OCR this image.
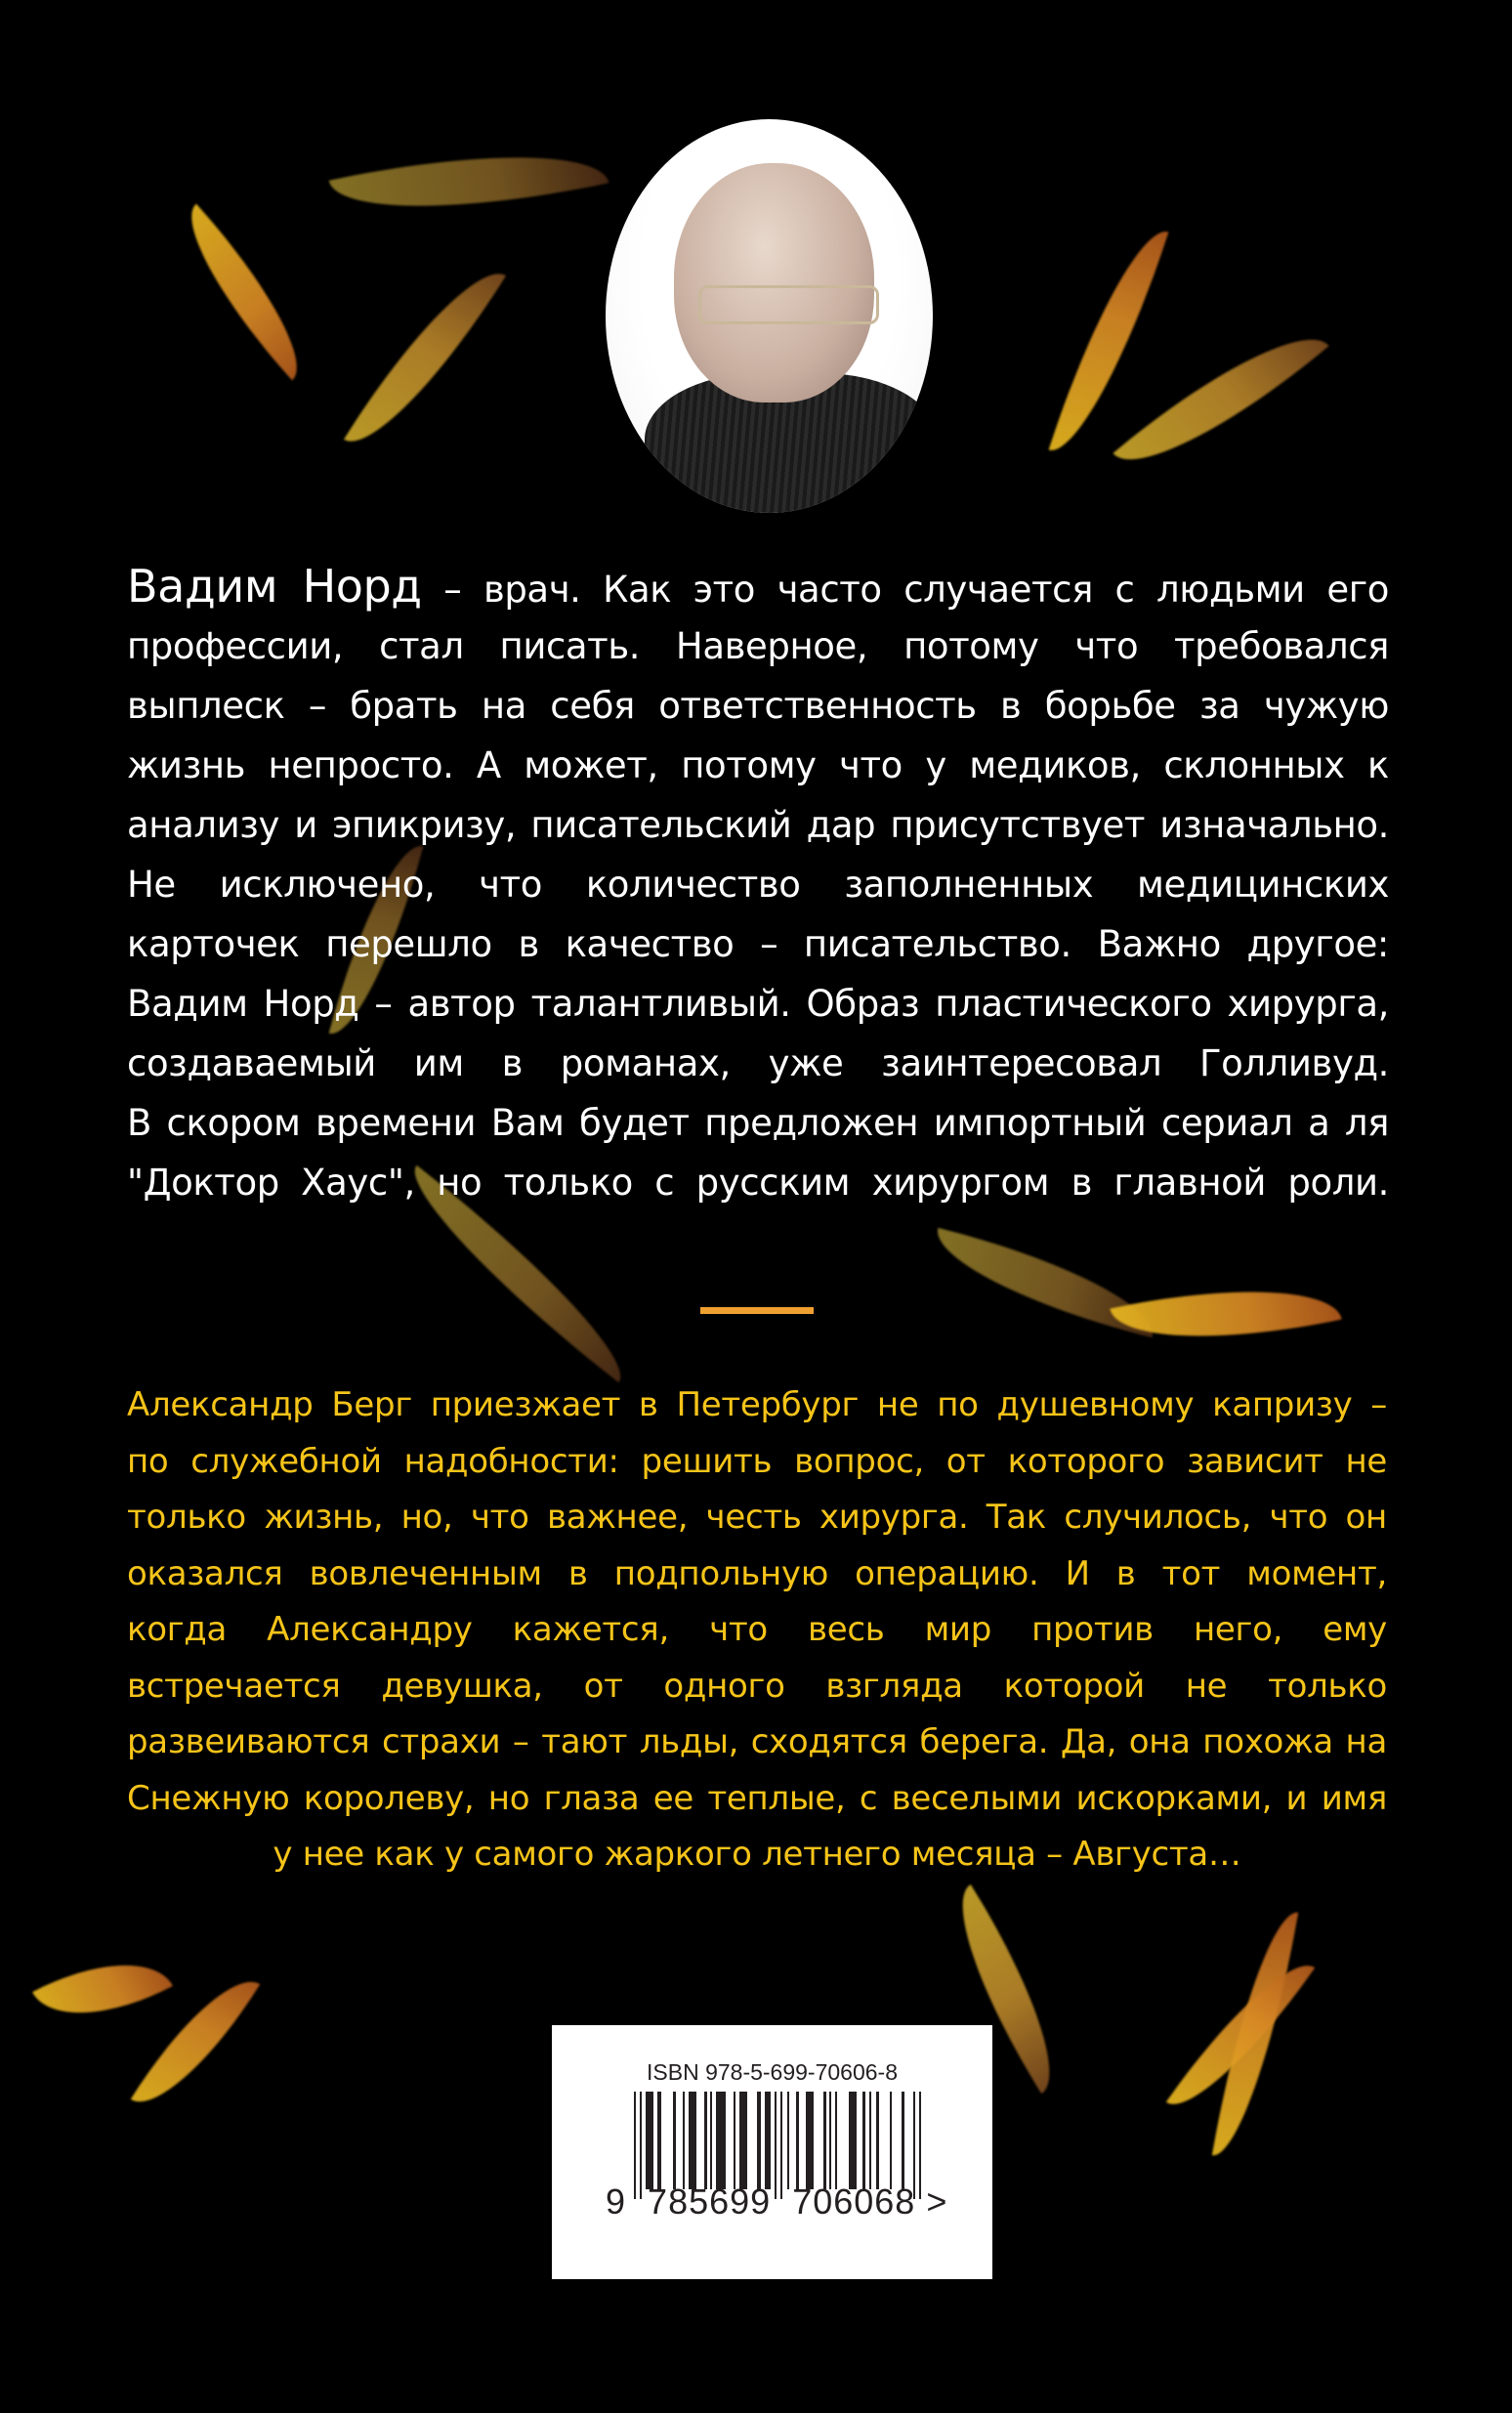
Вадим Норд – врач. Как это часто случается с людьми его
профессии, стал писать. Наверное, потому что требовался
выплеск – брать на себя ответственность в борьбе за чужую
жизнь непросто. А может, потому что у медиков, склонных к
анализу и эпикризу, писательский дар присутствует изначально.
Не исключено, что количество заполненных медицинских
карточек перешло в качество – писательство. Важно другое:
Вадим Норд – автор талантливый. Образ пластического хирурга,
создаваемый им в романах, уже заинтересовал Голливуд.
В скором времени Вам будет предложен импортный сериал а ля
"Доктор Хаус", но только с русским хирургом в главной роли.
Александр Берг приезжает в Петербург не по душевному капризу –
по служебной надобности: решить вопрос, от которого зависит не
только жизнь, но, что важнее, честь хирурга. Так случилось, что он
оказался вовлеченным в подпольную операцию. И в тот момент,
когда Александру кажется, что весь мир против него, ему
встречается девушка, от одного взгляда которой не только
развеиваются страхи – тают льды, сходятся берега. Да, она похожа на
Снежную королеву, но глаза ее теплые, с веселыми искорками, и имя
у нее как у самого жаркого летнего месяца – Августа…
ISBN 978-5-699-70606-8
9 785699 706068 >
